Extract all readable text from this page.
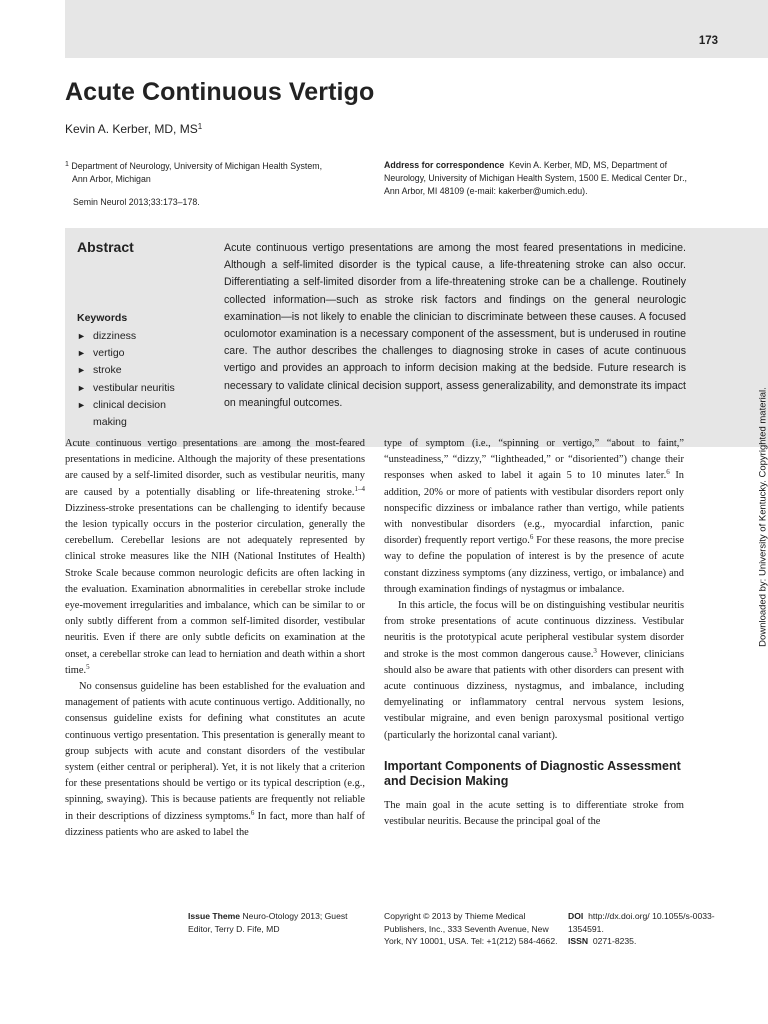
173
Acute Continuous Vertigo
Kevin A. Kerber, MD, $MS^1$
$^1$ Department of Neurology, University of Michigan Health System,
Ann Arbor, Michigan
Semin Neurol 2013;33:173–178.
Address for correspondence Kevin A. Kerber, MD, MS, Department of Neurology, University of Michigan Health System, 1500 E. Medical Center Dr., Ann Arbor, MI 48109 (e-mail: kakerber@umich.edu).
Abstract
Keywords
► dizziness
► vertigo
► stroke
► vestibular neuritis
► clinical decision making
Acute continuous vertigo presentations are among the most feared presentations in medicine. Although a self-limited disorder is the typical cause, a life-threatening stroke can also occur. Differentiating a self-limited disorder from a life-threatening stroke can be a challenge. Routinely collected information—such as stroke risk factors and findings on the general neurologic examination—is not likely to enable the clinician to discriminate between these causes. A focused oculomotor examination is a necessary component of the assessment, but is underused in routine care. The author describes the challenges to diagnosing stroke in cases of acute continuous vertigo and provides an approach to inform decision making at the bedside. Future research is necessary to validate clinical decision support, assess generalizability, and demonstrate its impact on meaningful outcomes.

Acute continuous vertigo presentations are among the most-feared presentations in medicine. Although the majority of these presentations are caused by a self-limited disorder, such as vestibular neuritis, many are caused by a potentially disabling or life-threatening stroke.$^{1-4}$ Dizziness-stroke presentations can be challenging to identify because the lesion typically occurs in the posterior circulation, generally the cerebellum. Cerebellar lesions are not adequately represented by clinical stroke measures like the NIH (National Institutes of Health) Stroke Scale because common neurologic deficits are often lacking in the evaluation. Examination abnormalities in cerebellar stroke include eye-movement irregularities and imbalance, which can be similar to or only subtly different from a common self-limited disorder, vestibular neuritis. Even if there are only subtle deficits on examination at the onset, a cerebellar stroke can lead to herniation and death within a short time.$^5$

No consensus guideline has been established for the evaluation and management of patients with acute continuous vertigo. Additionally, no consensus guideline exists for defining what constitutes an acute continuous vertigo presentation. This presentation is generally meant to group subjects with acute and constant disorders of the vestibular system (either central or peripheral). Yet, it is not likely that a criterion for these presentations should be vertigo or its typical description (e.g., spinning, swaying). This is because patients are frequently not reliable in their descriptions of dizziness symptoms.$^6$ In fact, more than half of dizziness patients who are asked to label the

type of symptom (i.e., “spinning or vertigo,” “about to faint,” “unsteadiness,” “dizzy,” “lightheaded,” or “disoriented”) change their responses when asked to label it again 5 to 10 minutes later.$^6$ In addition, 20% or more of patients with vestibular disorders report only nonspecific dizziness or imbalance rather than vertigo, while patients with nonvestibular disorders (e.g., myocardial infarction, panic disorder) frequently report vertigo.$^6$ For these reasons, the more precise way to define the population of interest is by the presence of acute constant dizziness symptoms (any dizziness, vertigo, or imbalance) and through examination findings of nystagmus or imbalance.

In this article, the focus will be on distinguishing vestibular neuritis from stroke presentations of acute continuous dizziness. Vestibular neuritis is the prototypical acute peripheral vestibular system disorder and stroke is the most common dangerous cause.$^3$ However, clinicians should also be aware that patients with other disorders can present with acute continuous dizziness, nystagmus, and imbalance, including demyelinating or inflammatory central nervous system lesions, vestibular migraine, and even benign paroxysmal positional vertigo (particularly the horizontal canal variant).

Important Components of Diagnostic Assessment and Decision Making

The main goal in the acute setting is to differentiate stroke from vestibular neuritis. Because the principal goal of the

Downloaded by: University of Kentucky. Copyrighted material.
Issue Theme Neuro-Otology 2013; Guest Editor, Terry D. Fife, MD
Copyright © 2013 by Thieme Medical Publishers, Inc., 333 Seventh Avenue, New York, NY 10001, USA. Tel: +1(212) 584-4662.
DOI http://dx.doi.org/ 10.1055/s-0033-1354591.
ISSN 0271-8235.
